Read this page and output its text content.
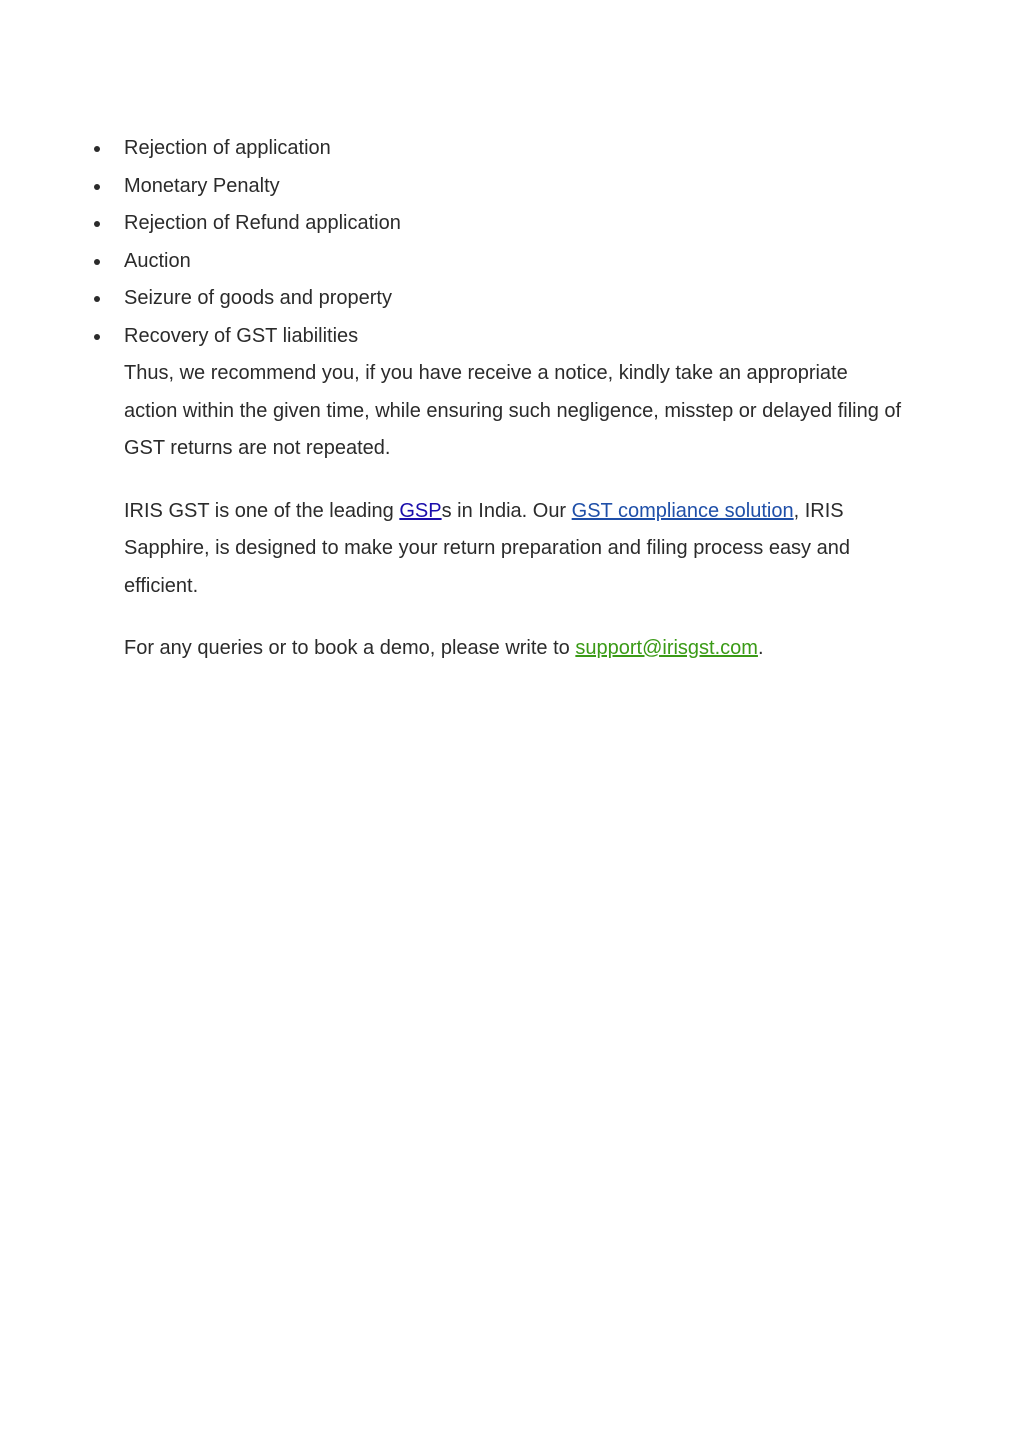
Rejection of application
Monetary Penalty
Rejection of Refund application
Auction
Seizure of goods and property
Recovery of GST liabilities

Thus, we recommend you, if you have receive a notice, kindly take an appropriate action within the given time, while ensuring such negligence, misstep or delayed filing of GST returns are not repeated.

IRIS GST is one of the leading GSPs in India. Our GST compliance solution, IRIS Sapphire, is designed to make your return preparation and filing process easy and efficient.

For any queries or to book a demo, please write to support@irisgst.com.
